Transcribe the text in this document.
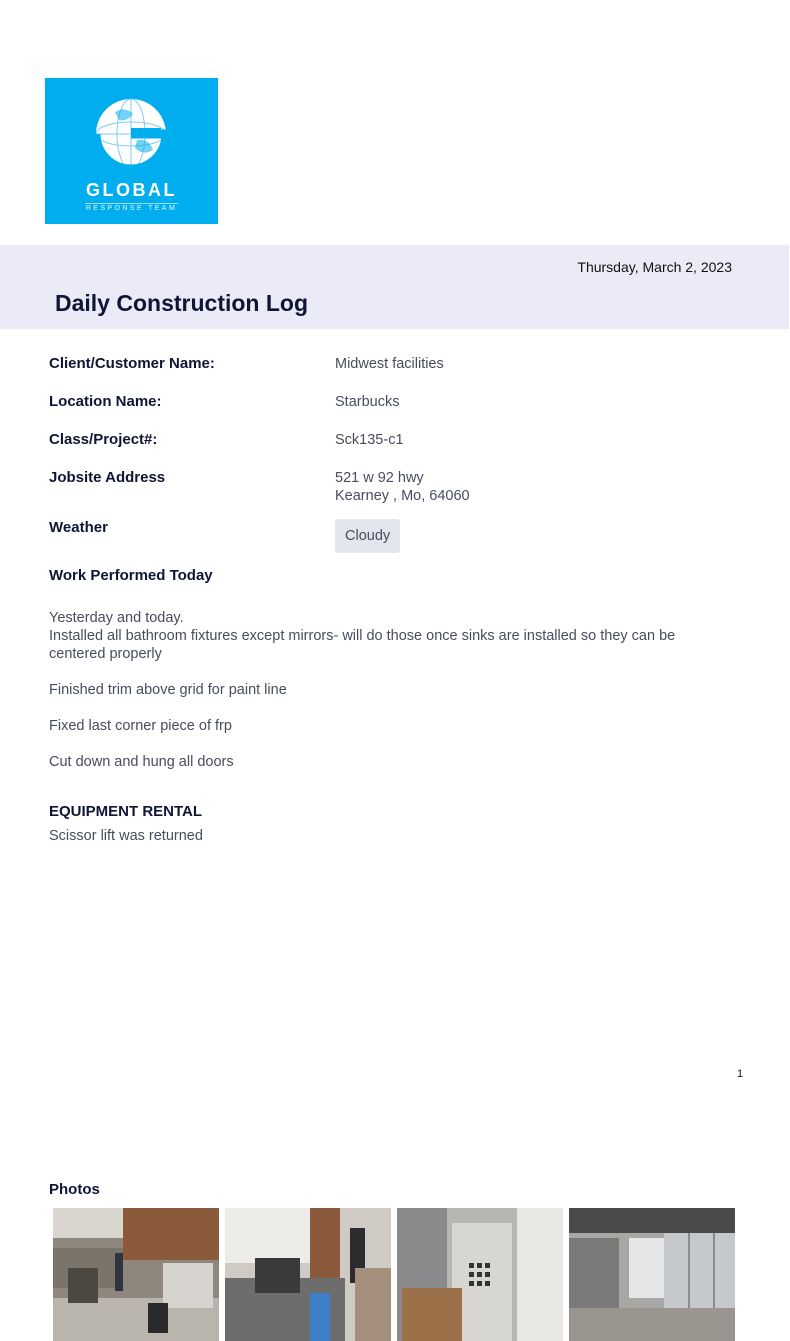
GLOBAL
RESPONSE TEAM
Thursday, March 2, 2023
Daily Construction Log
Client/Customer Name:	Midwest facilities
Location Name:	Starbucks
Class/Project#:	Sck135-c1
Jobsite Address	521 w 92 hwy
Kearney , Mo, 64060
Weather	Cloudy
Work Performed Today

Yesterday and today.

Installed all bathroom fixtures except mirrors- will do those once sinks are installed so they can be centered properly

Finished trim above grid for paint line

Fixed last corner piece of frp

Cut down and hung all doors

EQUIPMENT RENTAL

Scissor lift was returned

1
Photos
